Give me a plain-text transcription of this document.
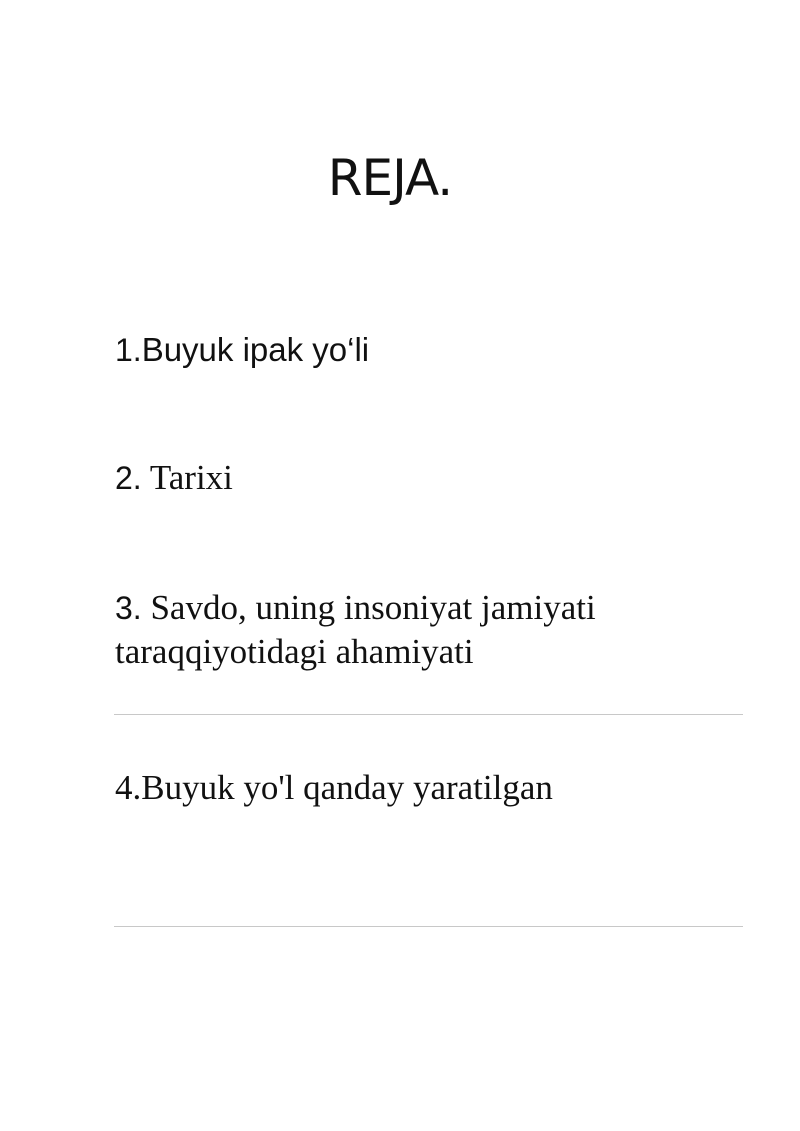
REJA.

1.Buyuk ipak yo‘li

2. Tarixi

3. Savdo, uning insoniyat jamiyati taraqqiyotidagi ahamiyati

4.Buyuk yo'l qanday yaratilgan
